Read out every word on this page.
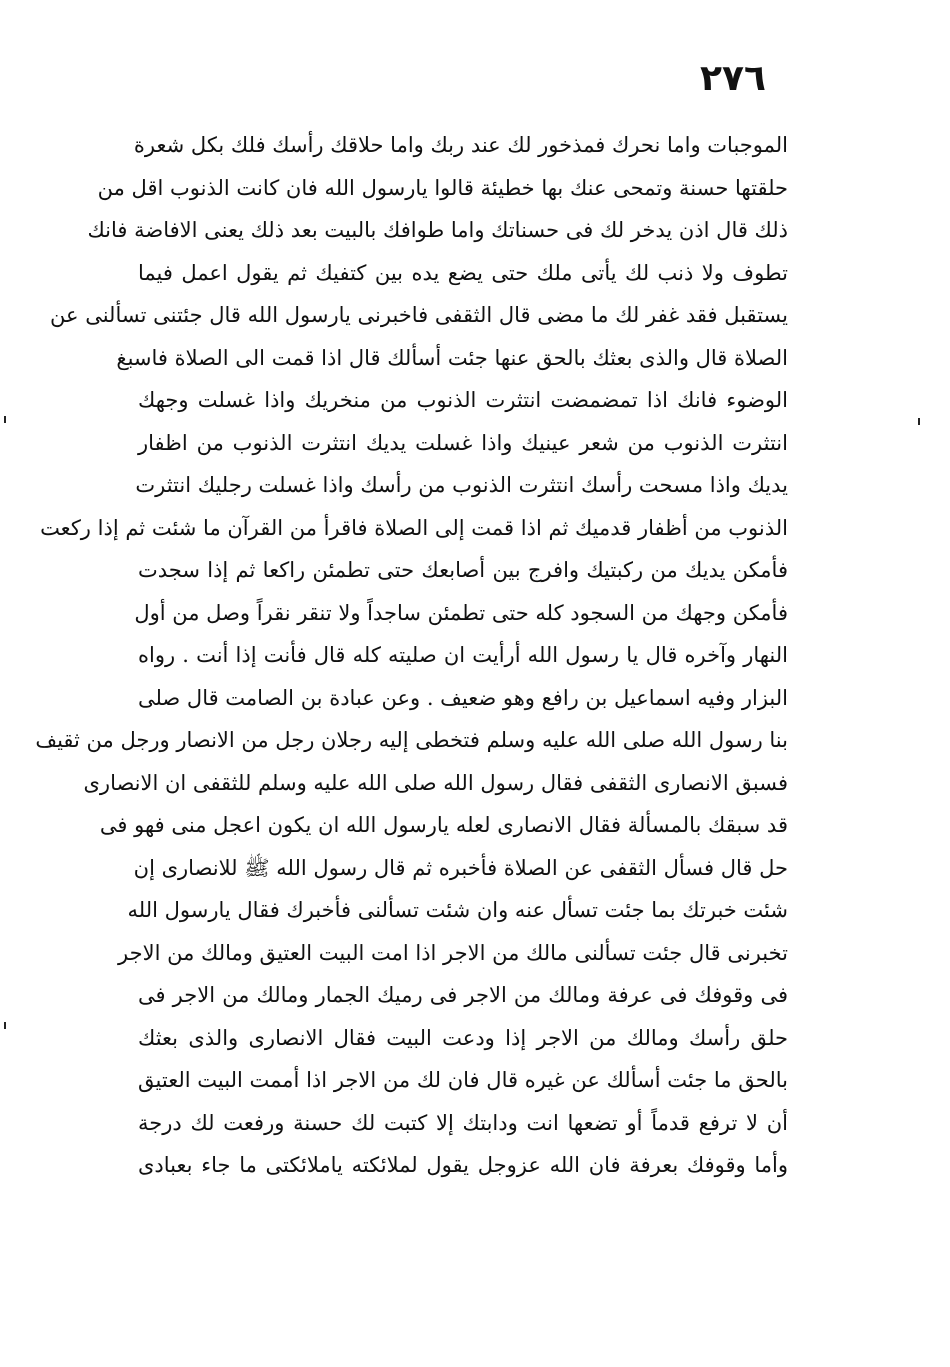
٢٧٦
الموجبات واما نحرك فمذخور لك عند ربك واما حلاقك رأسك فلك بكل شعرة
حلقتها حسنة وتمحى عنك بها خطيئة قالوا يارسول الله فان كانت الذنوب اقل من
ذلك قال اذن يدخر لك فى حسناتك واما طوافك بالبيت بعد ذلك يعنى الافاضة فانك
تطوف ولا ذنب لك يأتى ملك حتى يضع يده بين كتفيك ثم يقول اعمل فيما
يستقبل فقد غفر لك ما مضى قال الثقفى فاخبرنى يارسول الله قال جئتنى تسألنى عن
الصلاة قال والذى بعثك بالحق عنها جئت أسألك قال اذا قمت الى الصلاة فاسبغ
الوضوء فانك اذا تمضمضت انتثرت الذنوب من منخريك واذا غسلت وجهك
انتثرت الذنوب من شعر عينيك واذا غسلت يديك انتثرت الذنوب من اظفار
يديك واذا مسحت رأسك انتثرت الذنوب من رأسك واذا غسلت رجليك انتثرت
الذنوب من أظفار قدميك ثم اذا قمت إلى الصلاة فاقرأ من القرآن ما شئت ثم إذا ركعت
فأمكن يديك من ركبتيك وافرج بين أصابعك حتى تطمئن راكعا ثم إذا سجدت
فأمكن وجهك من السجود كله حتى تطمئن ساجداً ولا تنقر نقراً وصل من أول
النهار وآخره قال يا رسول الله أرأيت ان صليته كله قال فأنت إذا أنت . رواه
البزار وفيه اسماعيل بن رافع وهو ضعيف . وعن عبادة بن الصامت قال صلى
بنا رسول الله صلى الله عليه وسلم فتخطى إليه رجلان رجل من الانصار ورجل من ثقيف
فسبق الانصارى الثقفى فقال رسول الله صلى الله عليه وسلم للثقفى ان الانصارى
قد سبقك بالمسألة فقال الانصارى لعله يارسول الله ان يكون اعجل منى فهو فى
حل قال فسأل الثقفى عن الصلاة فأخبره ثم قال رسول الله ﷺ للانصارى إن
شئت خبرتك بما جئت تسأل عنه وان شئت تسألنى فأخبرك فقال يارسول الله
تخبرنى قال جئت تسألنى مالك من الاجر اذا امت البيت العتيق ومالك من الاجر
فى وقوفك فى عرفة ومالك من الاجر فى رميك الجمار ومالك من الاجر فى
حلق رأسك ومالك من الاجر إذا ودعت البيت فقال الانصارى والذى بعثك
بالحق ما جئت أسألك عن غيره قال فان لك من الاجر اذا أممت البيت العتيق
أن لا ترفع قدماً أو تضعها انت ودابتك إلا كتبت لك حسنة ورفعت لك درجة
وأما وقوفك بعرفة فان الله عزوجل يقول لملائكته ياملائكتى ما جاء بعبادى
